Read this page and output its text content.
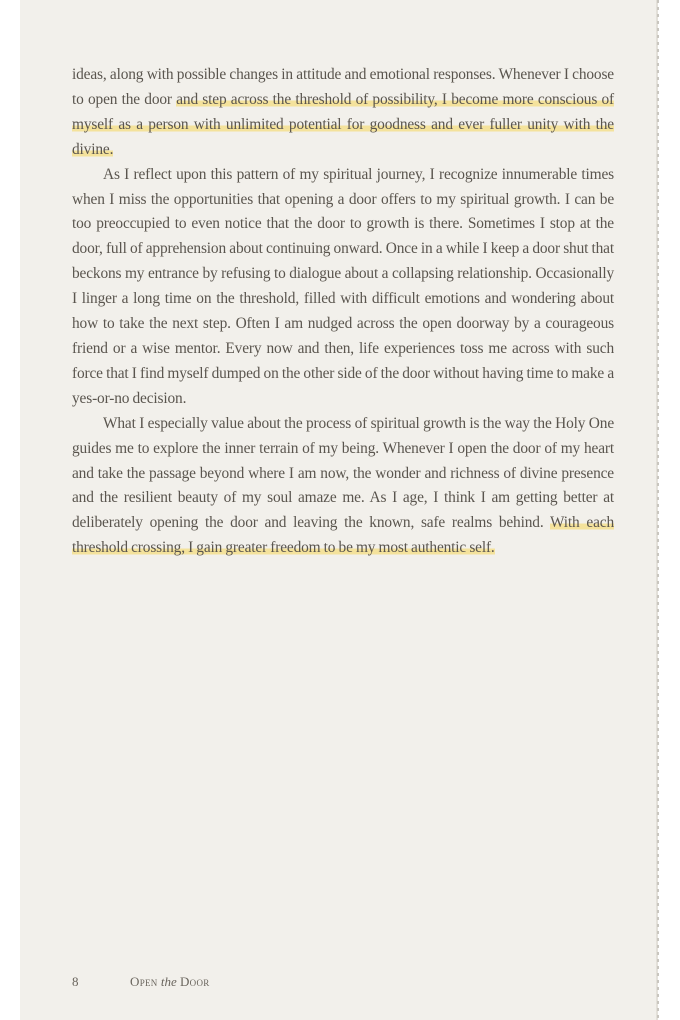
ideas, along with possible changes in attitude and emotional responses. Whenever I choose to open the door and step across the threshold of possibility, I become more conscious of myself as a person with unlimited potential for goodness and ever fuller unity with the divine.

As I reflect upon this pattern of my spiritual journey, I recognize innumerable times when I miss the opportunities that opening a door offers to my spiritual growth. I can be too preoccupied to even notice that the door to growth is there. Sometimes I stop at the door, full of apprehension about continuing onward. Once in a while I keep a door shut that beckons my entrance by refusing to dialogue about a collapsing relationship. Occasionally I linger a long time on the threshold, filled with difficult emotions and wondering about how to take the next step. Often I am nudged across the open doorway by a courageous friend or a wise mentor. Every now and then, life experiences toss me across with such force that I find myself dumped on the other side of the door without having time to make a yes-or-no decision.

What I especially value about the process of spiritual growth is the way the Holy One guides me to explore the inner terrain of my being. Whenever I open the door of my heart and take the passage beyond where I am now, the wonder and richness of divine presence and the resilient beauty of my soul amaze me. As I age, I think I am getting better at deliberately opening the door and leaving the known, safe realms behind. With each threshold crossing, I gain greater freedom to be my most authentic self.

8	Open the Door
